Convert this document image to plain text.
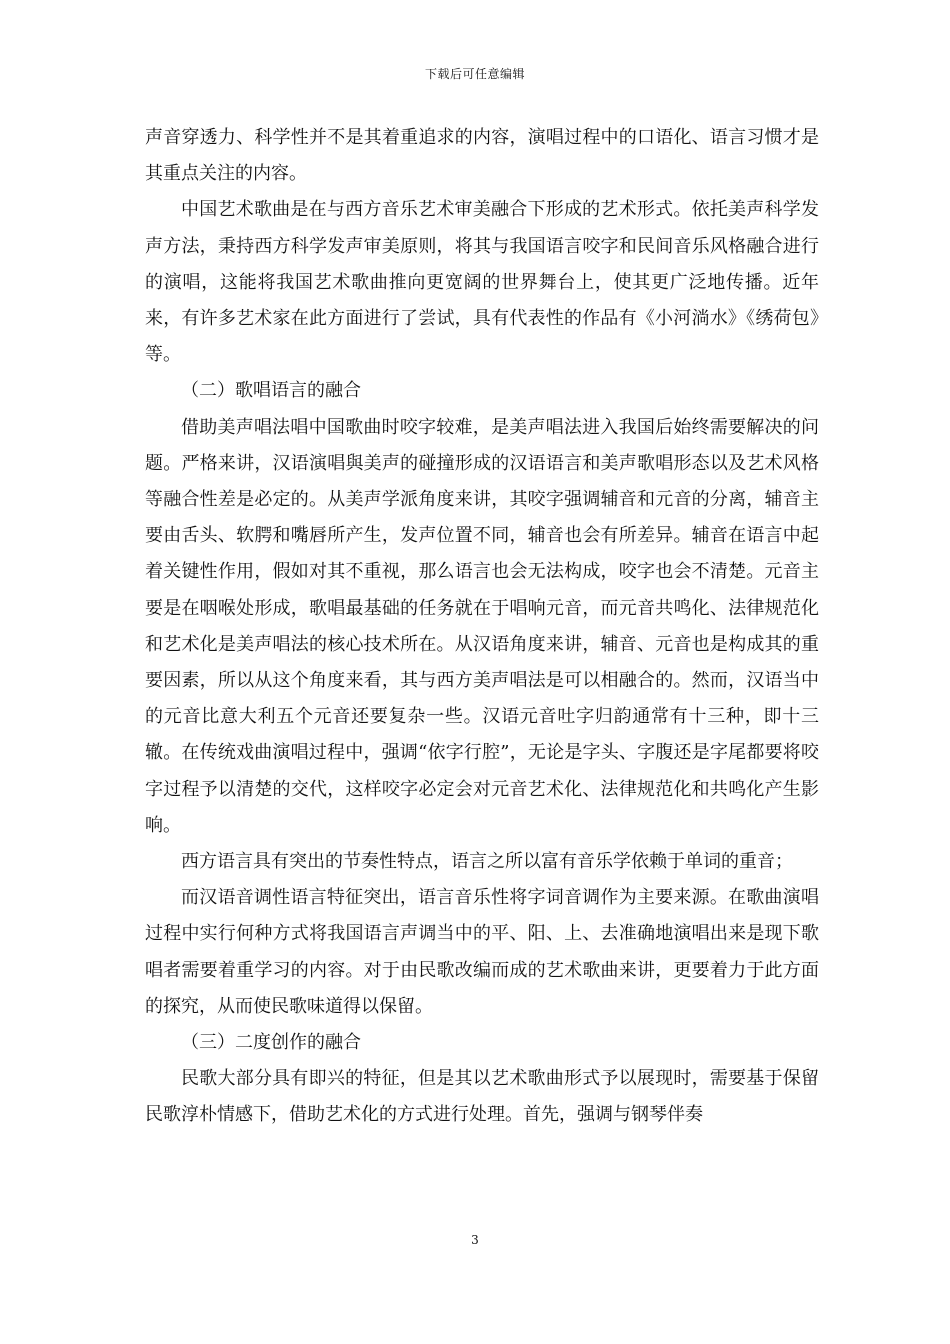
下载后可任意编辑

声音穿透力、科学性并不是其着重追求的内容，演唱过程中的口语化、语言习惯才是其重点关注的内容。

中国艺术歌曲是在与西方音乐艺术审美融合下形成的艺术形式。依托美声科学发声方法，秉持西方科学发声审美原则，将其与我国语言咬字和民间音乐风格融合进行的演唱，这能将我国艺术歌曲推向更宽阔的世界舞台上，使其更广泛地传播。近年来，有许多艺术家在此方面进行了尝试，具有代表性的作品有《小河淌水》《绣荷包》等。

（二）歌唱语言的融合

借助美声唱法唱中国歌曲时咬字较难，是美声唱法进入我国后始终需要解决的问题。严格来讲，汉语演唱與美声的碰撞形成的汉语语言和美声歌唱形态以及艺术风格等融合性差是必定的。从美声学派角度来讲，其咬字强调辅音和元音的分离，辅音主要由舌头、软腭和嘴唇所产生，发声位置不同，辅音也会有所差异。辅音在语言中起着关键性作用，假如对其不重视，那么语言也会无法构成，咬字也会不清楚。元音主要是在咽喉处形成，歌唱最基础的任务就在于唱响元音，而元音共鸣化、法律规范化和艺术化是美声唱法的核心技术所在。从汉语角度来讲，辅音、元音也是构成其的重要因素，所以从这个角度来看，其与西方美声唱法是可以相融合的。然而，汉语当中的元音比意大利五个元音还要复杂一些。汉语元音吐字归韵通常有十三种，即十三辙。在传统戏曲演唱过程中，强调“依字行腔”，无论是字头、字腹还是字尾都要将咬字过程予以清楚的交代，这样咬字必定会对元音艺术化、法律规范化和共鸣化产生影响。

西方语言具有突出的节奏性特点，语言之所以富有音乐学依赖于单词的重音；

而汉语音调性语言特征突出，语言音乐性将字词音调作为主要来源。在歌曲演唱过程中实行何种方式将我国语言声调当中的平、阳、上、去准确地演唱出来是现下歌唱者需要着重学习的内容。对于由民歌改编而成的艺术歌曲来讲，更要着力于此方面的探究，从而使民歌味道得以保留。

（三）二度创作的融合

民歌大部分具有即兴的特征，但是其以艺术歌曲形式予以展现时，需要基于保留民歌淳朴情感下，借助艺术化的方式进行处理。首先，强调与钢琴伴奏

3
